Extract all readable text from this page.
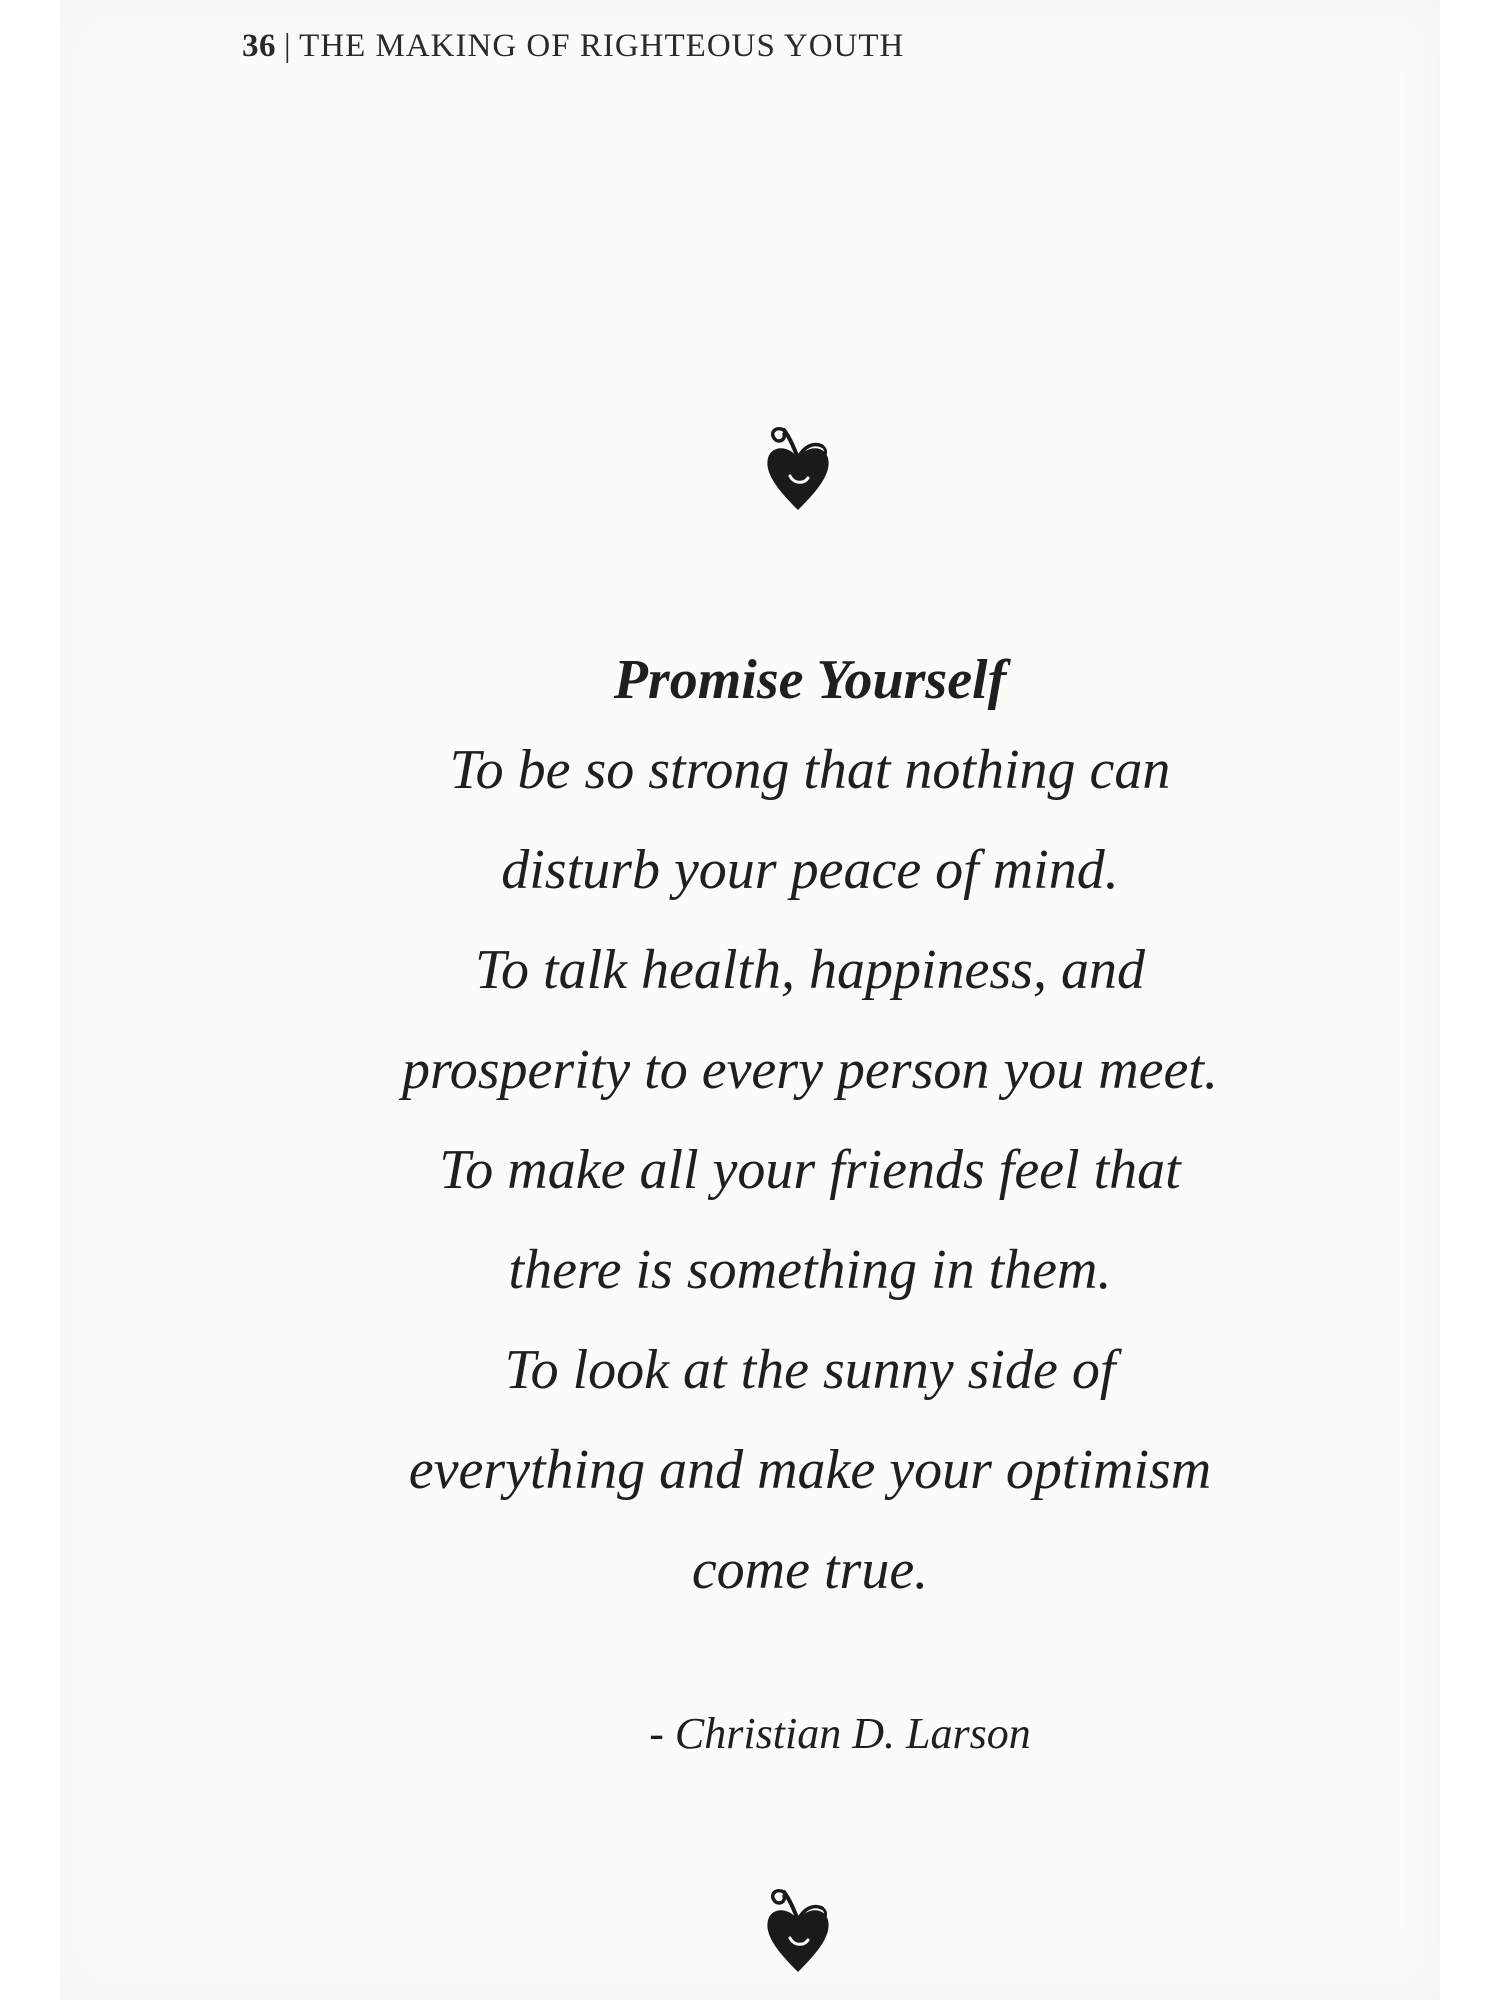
36 | THE MAKING OF RIGHTEOUS YOUTH

Promise Yourself

To be so strong that nothing can

disturb your peace of mind.

To talk health, happiness, and

prosperity to every person you meet.

To make all your friends feel that

there is something in them.

To look at the sunny side of

everything and make your optimism

come true.

- Christian D. Larson
